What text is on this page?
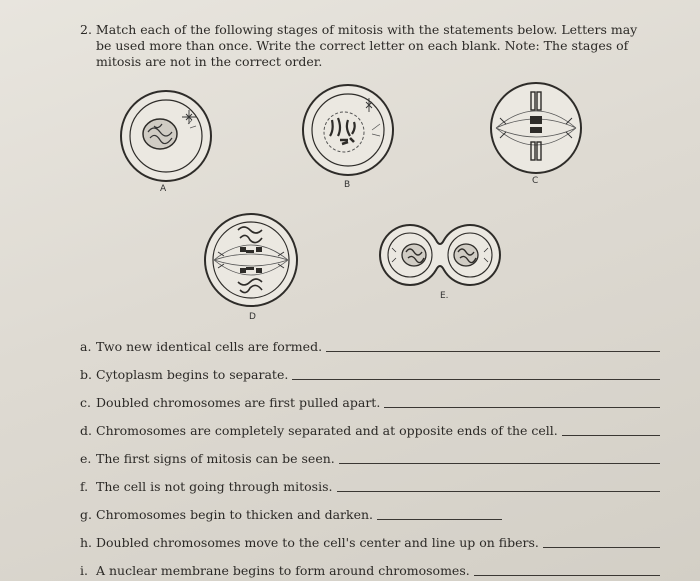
2. Match each of the following stages of mitosis with the statements below. Letters may
be used more than once. Write the correct letter on each blank. Note: The stages of
mitosis are not in the correct order.
A	B	C
D
E.
a. Two new identical cells are formed.
b. Cytoplasm begins to separate.
c. Doubled chromosomes are first pulled apart.
d. Chromosomes are completely separated and at opposite ends of the cell.
e. The first signs of mitosis can be seen.
f. The cell is not going through mitosis.
g. Chromosomes begin to thicken and darken.
h. Doubled chromosomes move to the cell's center and line up on fibers.
i. A nuclear membrane begins to form around chromosomes.
